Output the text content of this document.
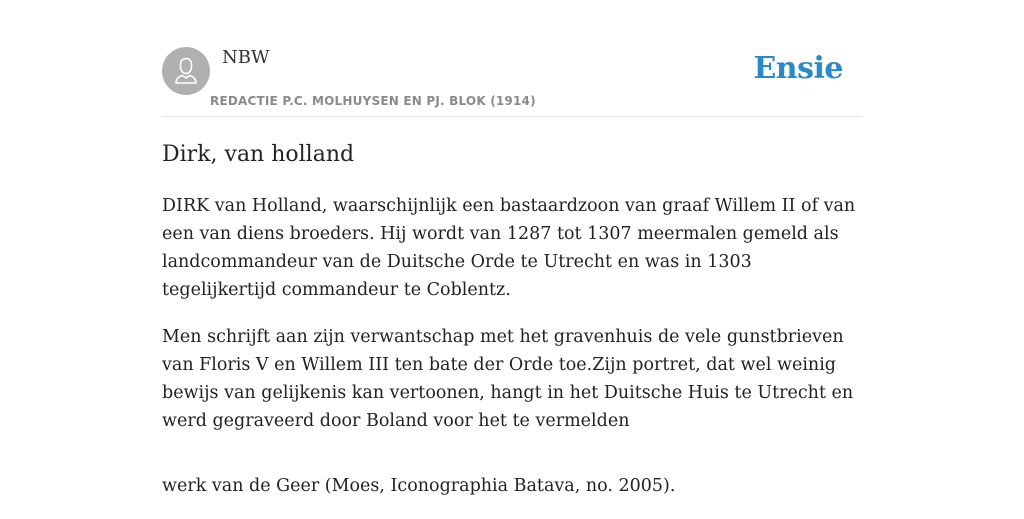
NBW
REDACTIE P.C. MOLHUYSEN EN PJ. BLOK (1914)
Ensie
Dirk, van holland

DIRK van Holland, waarschijnlijk een bastaardzoon van graaf Willem II of van een van diens broeders. Hij wordt van 1287 tot 1307 meermalen gemeld als landcommandeur van de Duitsche Orde te Utrecht en was in 1303 tegelijkertijd commandeur te Coblentz.

Men schrijft aan zijn verwantschap met het gravenhuis de vele gunstbrieven van Floris V en Willem III ten bate der Orde toe.Zijn portret, dat wel weinig bewijs van gelijkenis kan vertoonen, hangt in het Duitsche Huis te Utrecht en werd gegraveerd door Boland voor het te vermelden

werk van de Geer (Moes, Iconographia Batava, no. 2005).
